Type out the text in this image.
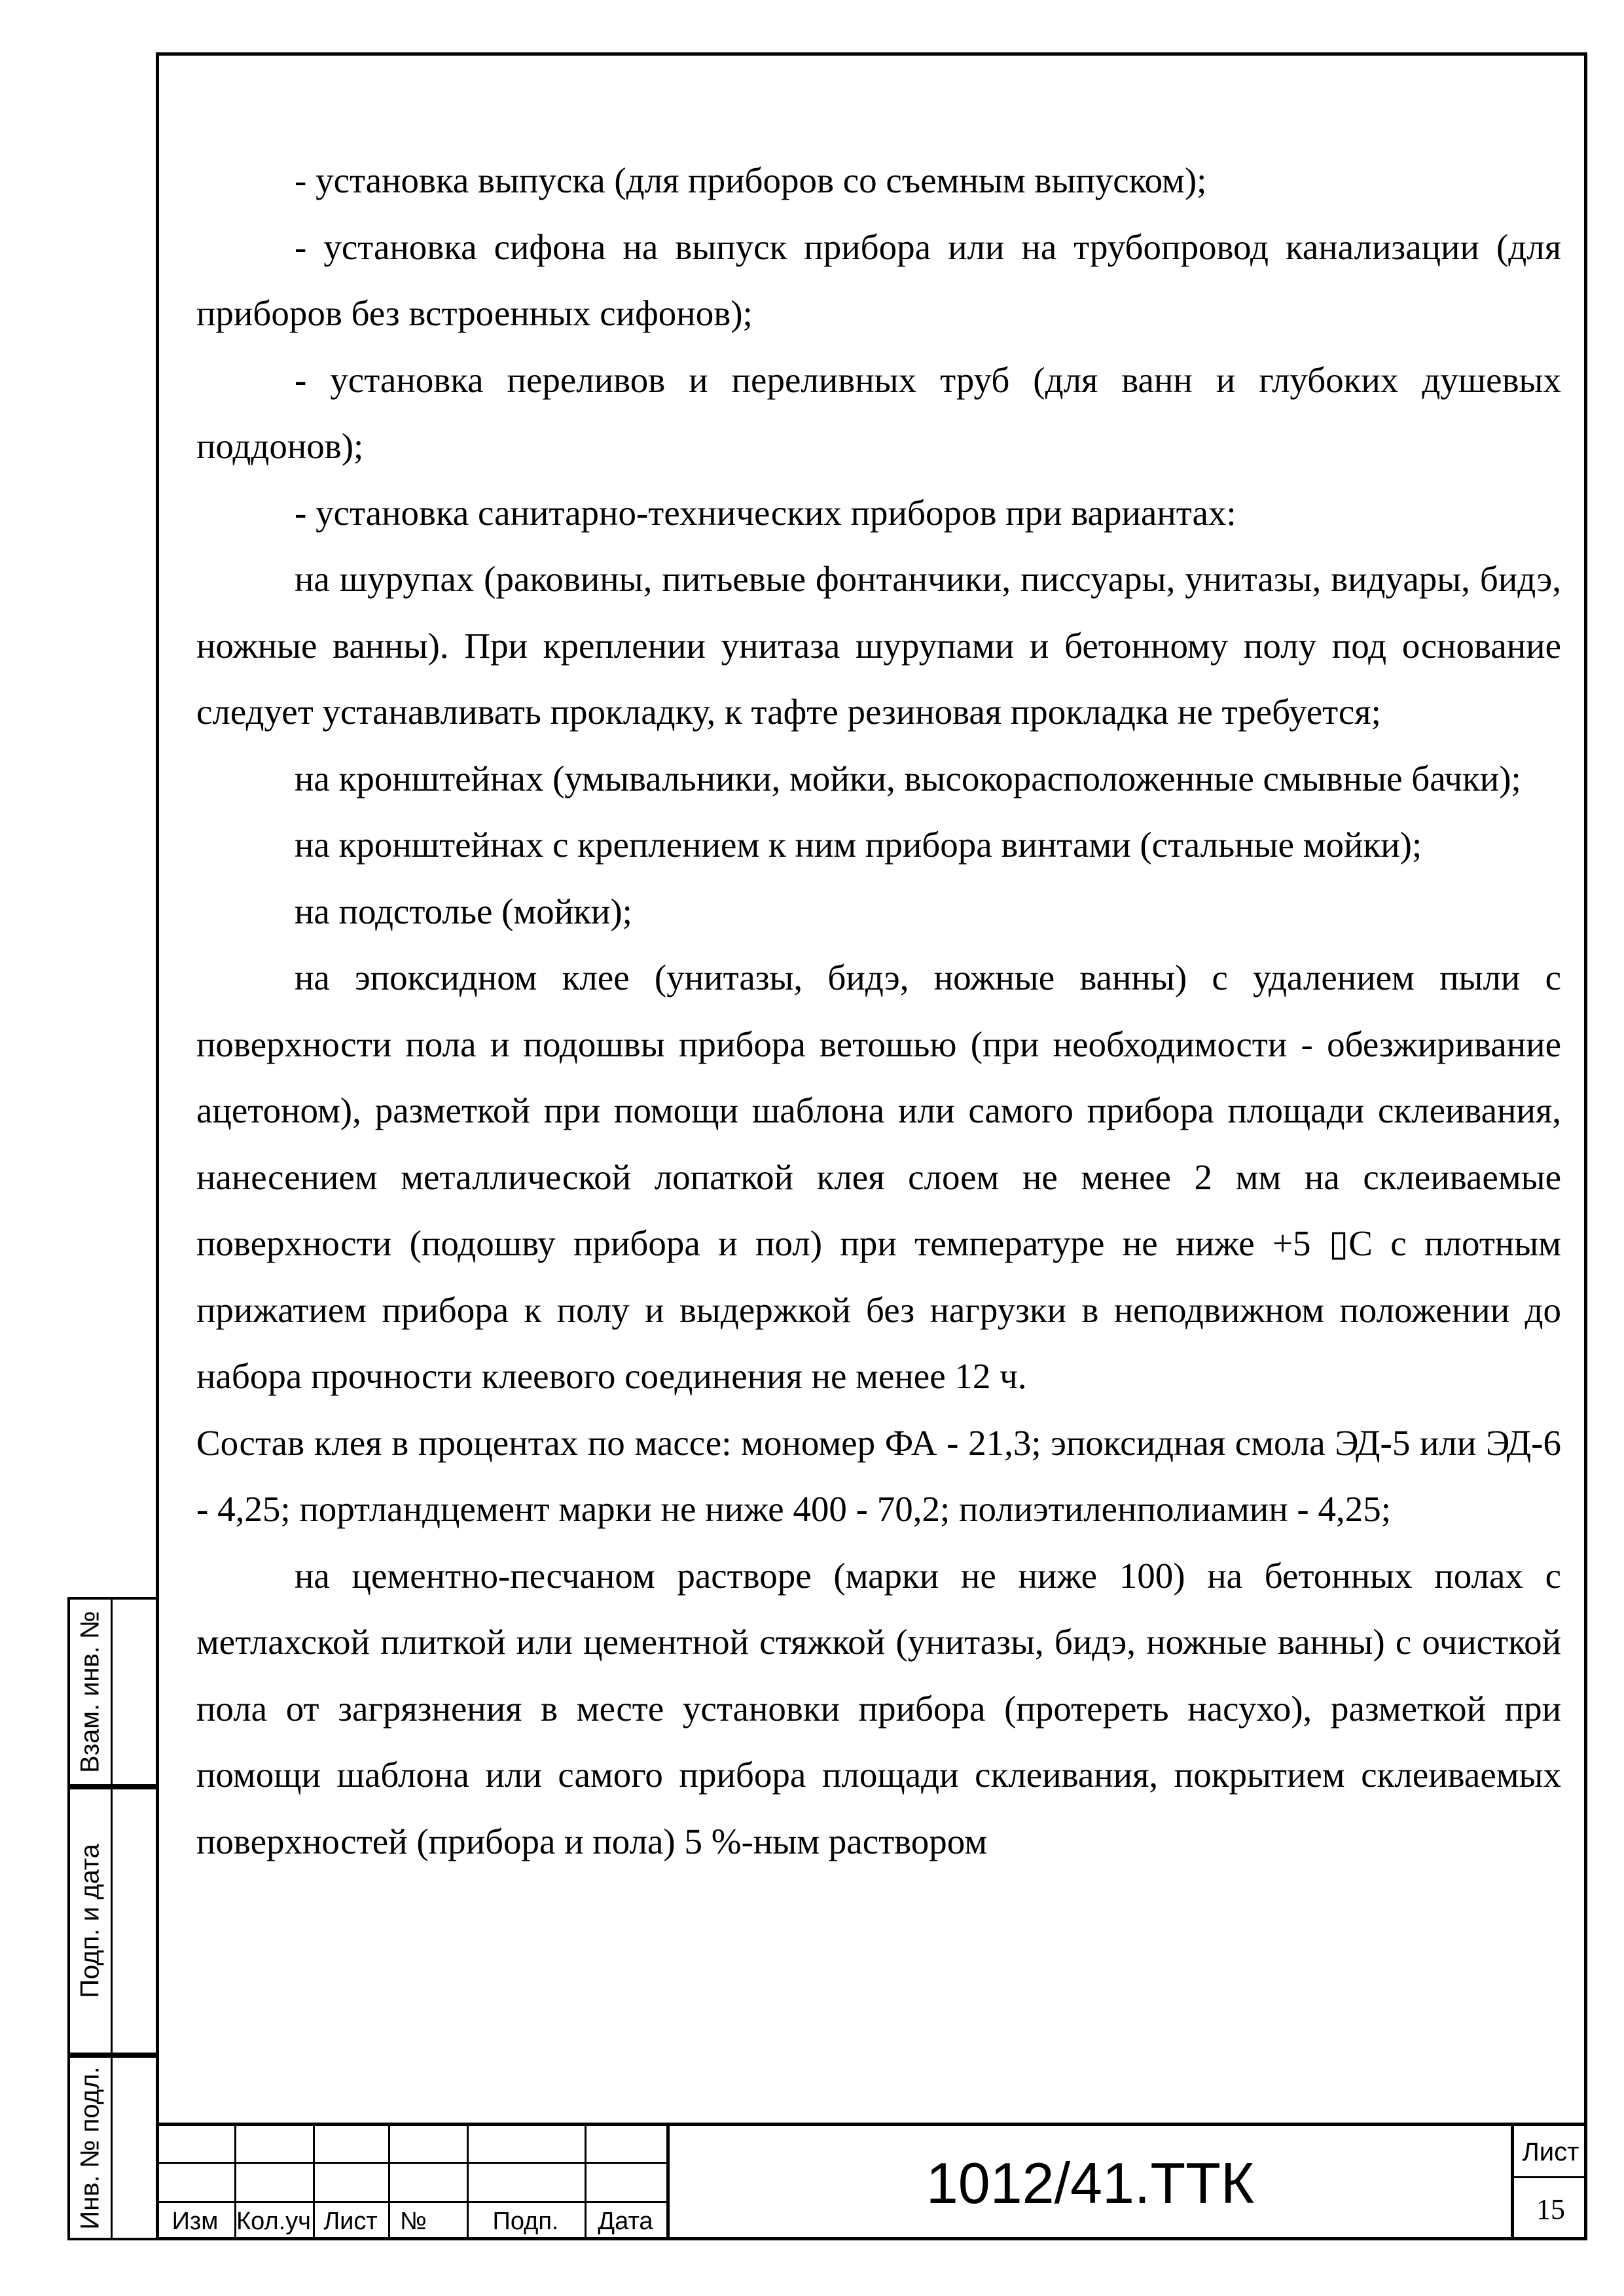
- установка выпуска (для приборов со съемным выпуском);

- установка сифона на выпуск прибора или на трубопровод канализации (для приборов без встроенных сифонов);

- установка переливов и переливных труб (для ванн и глубоких душевых поддонов);

- установка санитарно-технических приборов при вариантах:

на шурупах (раковины, питьевые фонтанчики, писсуары, унитазы, видуары, бидэ, ножные ванны). При креплении унитаза шурупами и бетонному полу под основание следует устанавливать прокладку, к тафте резиновая прокладка не требуется;

на кронштейнах (умывальники, мойки, высокорасположенные смывные бачки);

на кронштейнах с креплением к ним прибора винтами (стальные мойки);

на подстолье (мойки);

на эпоксидном клее (унитазы, бидэ, ножные ванны) с удалением пыли с поверхности пола и подошвы прибора ветошью (при необходимости - обезжиривание ацетоном), разметкой при помощи шаблона или самого прибора площади склеивания, нанесением металлической лопаткой клея слоем не менее 2 мм на склеиваемые поверхности (подошву прибора и пол) при температуре не ниже +5 ▯С с плотным прижатием прибора к полу и выдержкой без нагрузки в неподвижном положении до набора прочности клеевого соединения не менее 12 ч.

Состав клея в процентах по массе: мономер ФА - 21,3; эпоксидная смола ЭД-5 или ЭД-6 - 4,25; портландцемент марки не ниже 400 - 70,2; полиэтиленполиамин - 4,25;

на цементно-песчаном растворе (марки не ниже 100) на бетонных полах с метлахской плиткой или цементной стяжкой (унитазы, бидэ, ножные ванны) с очисткой пола от загрязнения в месте установки прибора (протереть насухо), разметкой при помощи шаблона или самого прибора площади склеивания, покрытием склеиваемых поверхностей (прибора и пола) 5 %-ным раствором

Взам. инв. №
Подп. и дата
Инв. № подл.	Изм Кол.уч Лист №	Подп.	Дата
1012/41.ТТК	Лист
15
